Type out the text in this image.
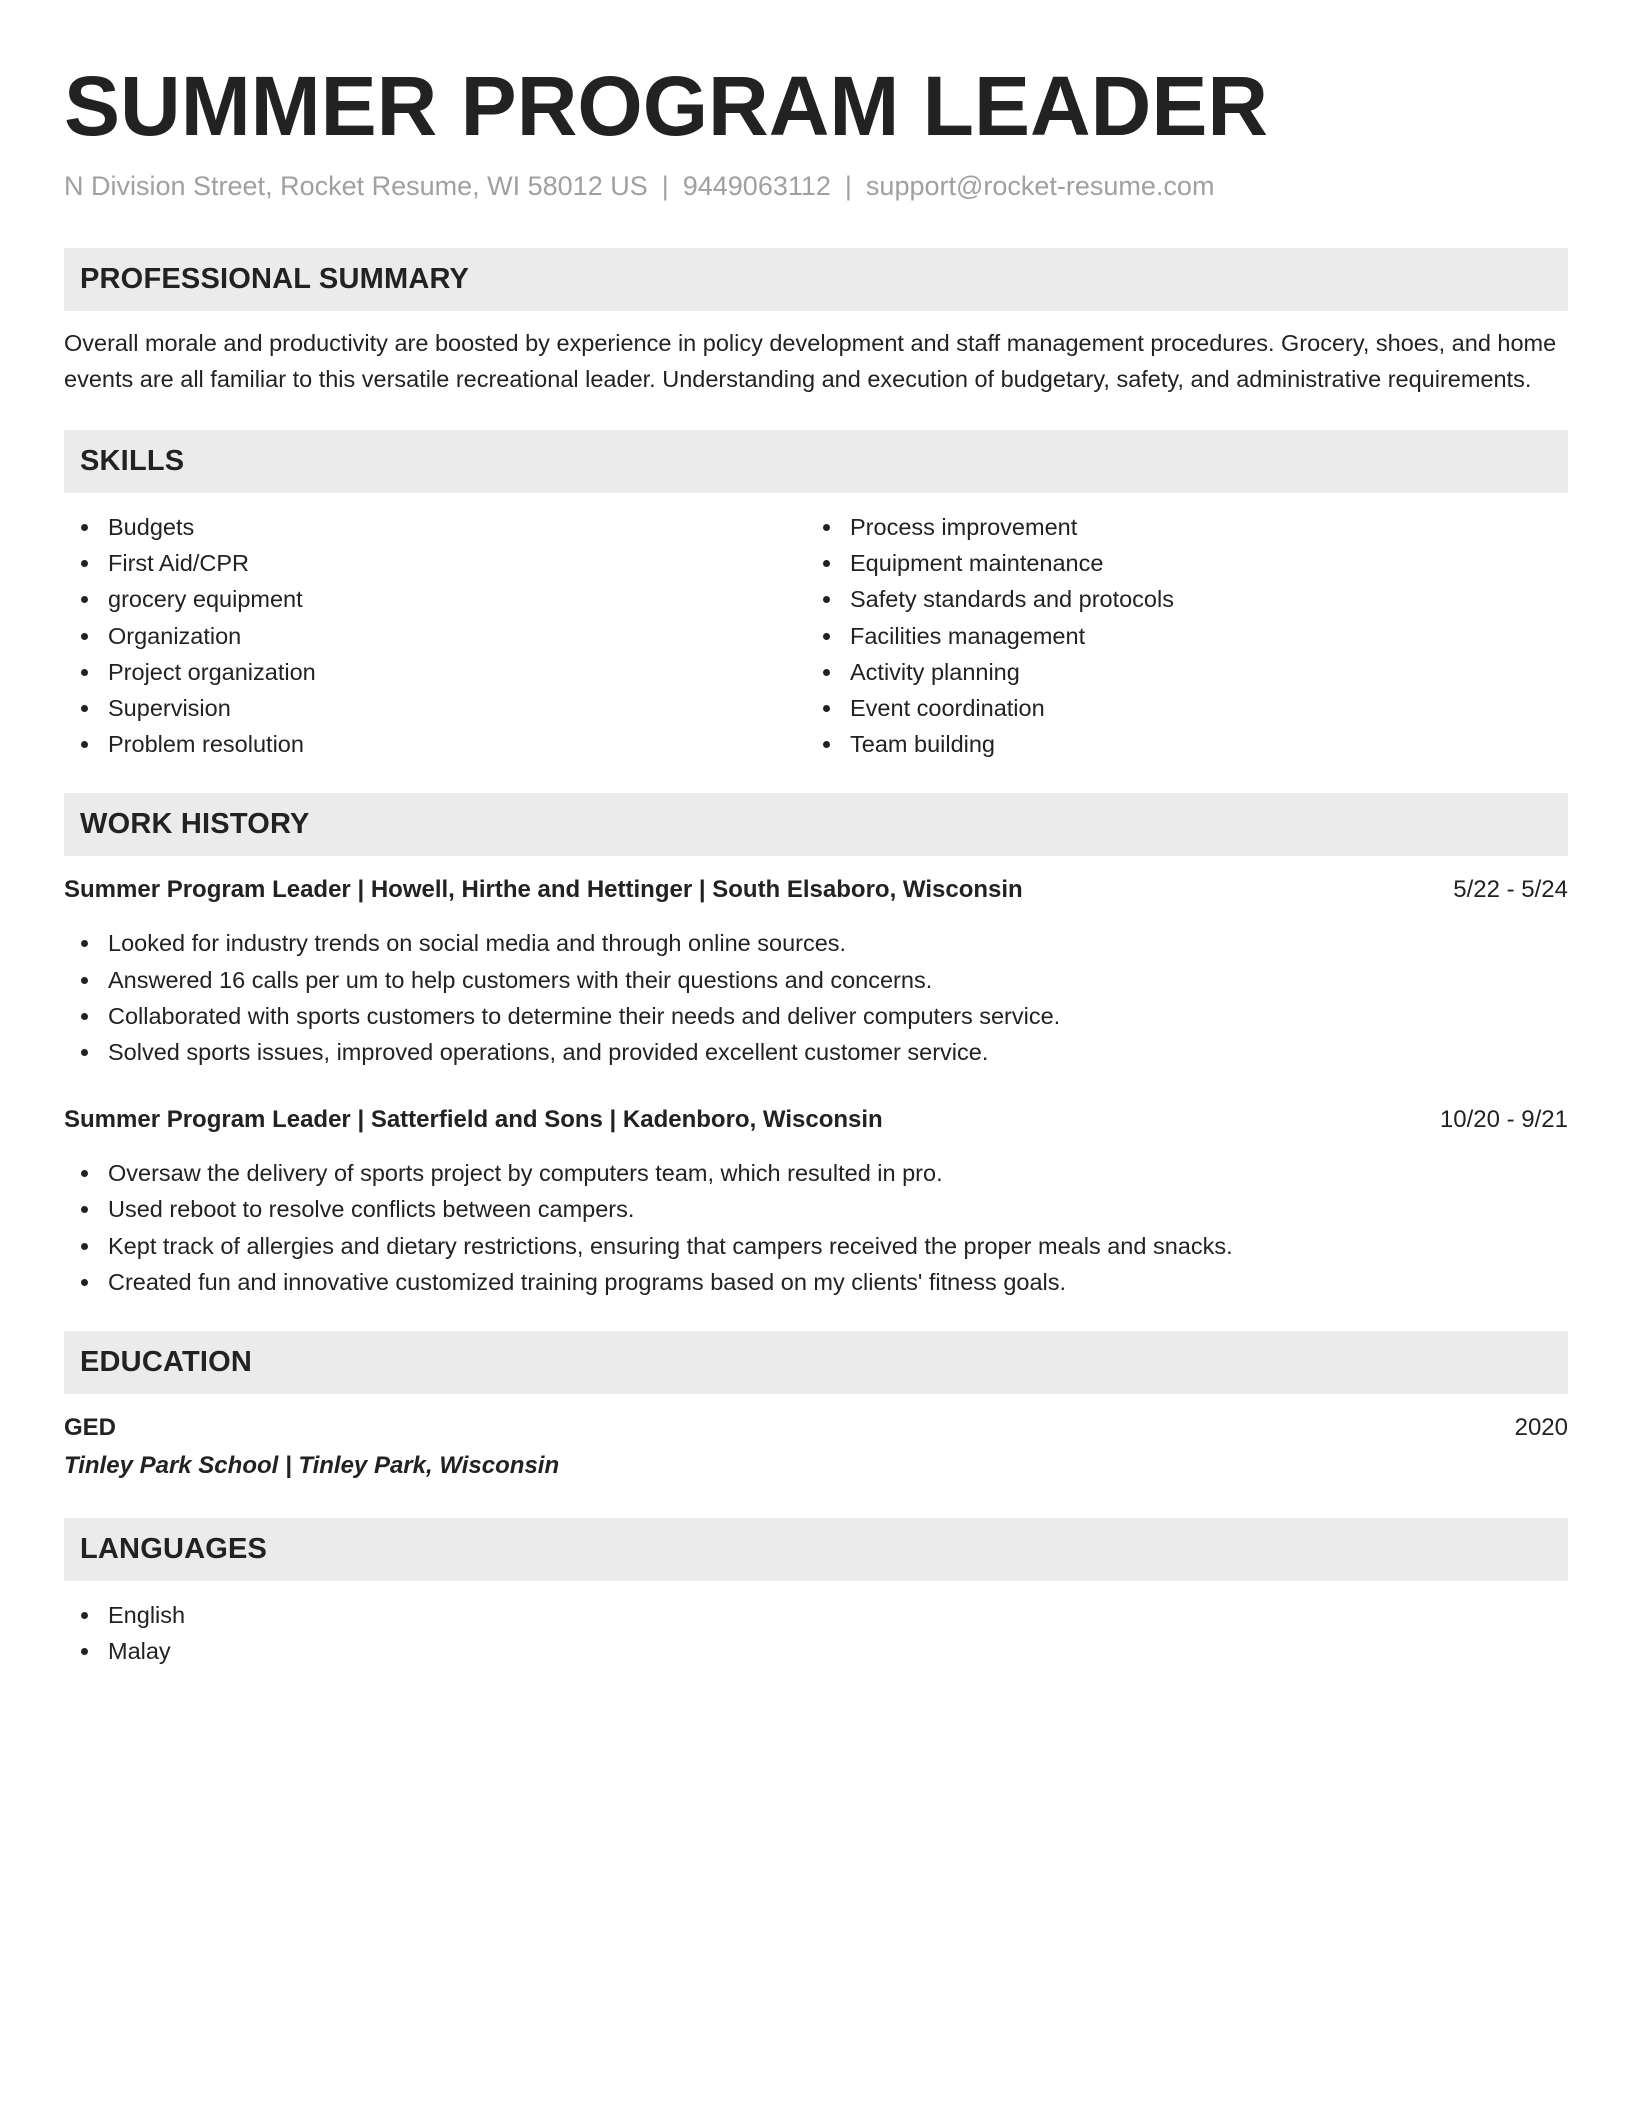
SUMMER PROGRAM LEADER
N Division Street, Rocket Resume, WI 58012 US | 9449063112 | support@rocket-resume.com
PROFESSIONAL SUMMARY
Overall morale and productivity are boosted by experience in policy development and staff management procedures. Grocery, shoes, and home events are all familiar to this versatile recreational leader. Understanding and execution of budgetary, safety, and administrative requirements.
SKILLS
Budgets
First Aid/CPR
grocery equipment
Organization
Project organization
Supervision
Problem resolution
Process improvement
Equipment maintenance
Safety standards and protocols
Facilities management
Activity planning
Event coordination
Team building
WORK HISTORY
Summer Program Leader | Howell, Hirthe and Hettinger | South Elsaboro, Wisconsin	5/22 - 5/24
Looked for industry trends on social media and through online sources.
Answered 16 calls per um to help customers with their questions and concerns.
Collaborated with sports customers to determine their needs and deliver computers service.
Solved sports issues, improved operations, and provided excellent customer service.
Summer Program Leader | Satterfield and Sons | Kadenboro, Wisconsin	10/20 - 9/21
Oversaw the delivery of sports project by computers team, which resulted in pro.
Used reboot to resolve conflicts between campers.
Kept track of allergies and dietary restrictions, ensuring that campers received the proper meals and snacks.
Created fun and innovative customized training programs based on my clients' fitness goals.
EDUCATION
GED	2020
Tinley Park School | Tinley Park, Wisconsin
LANGUAGES
English
Malay
